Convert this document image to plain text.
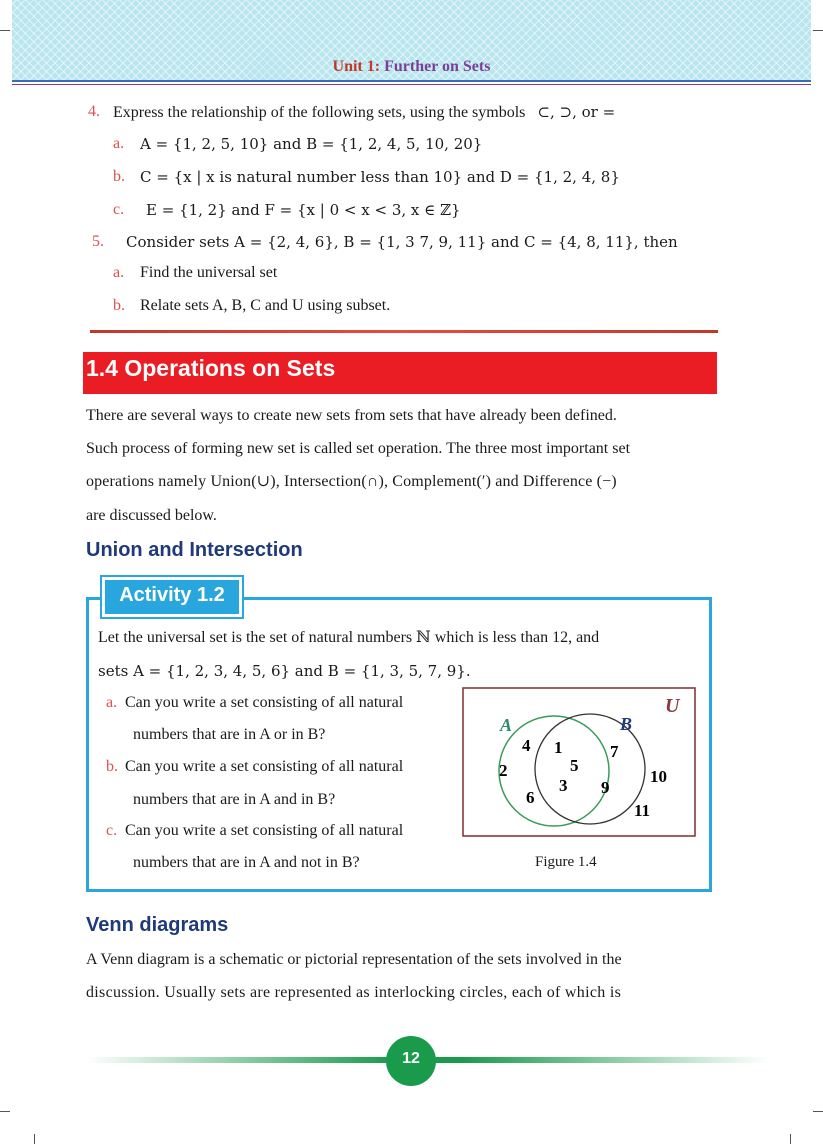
Unit 1: Further on Sets
4. Express the relationship of the following sets, using the symbols ⊂, ⊃, or =
a. A = {1, 2, 5, 10} and B = {1, 2, 4, 5, 10, 20}
b. C = {x | x is natural number less than 10} and D = {1, 2, 4, 8}
c. E = {1, 2} and F = {x | 0 < x < 3, x ∈ ℤ}
5. Consider sets A = {2, 4, 6}, B = {1, 3 7, 9, 11} and C = {4, 8, 11}, then
a. Find the universal set
b. Relate sets A, B, C and U using subset.
1.4 Operations on Sets
There are several ways to create new sets from sets that have already been defined.
Such process of forming new set is called set operation. The three most important set
operations namely Union(∪), Intersection(∩), Complement(′) and Difference (−)
are discussed below.
Union and Intersection
Activity 1.2
Let the universal set is the set of natural numbers ℕ which is less than 12, and
sets A = {1, 2, 3, 4, 5, 6} and B = {1, 3, 5, 7, 9}.
a. Can you write a set consisting of all natural
numbers that are in A or in B?
b. Can you write a set consisting of all natural
numbers that are in A and in B?
c. Can you write a set consisting of all natural
numbers that are in A and not in B?
U
A	B
4
2
6
1
5
3
7
9
10
11
Figure 1.4
Venn diagrams
A Venn diagram is a schematic or pictorial representation of the sets involved in the
discussion. Usually sets are represented as interlocking circles, each of which is
12
